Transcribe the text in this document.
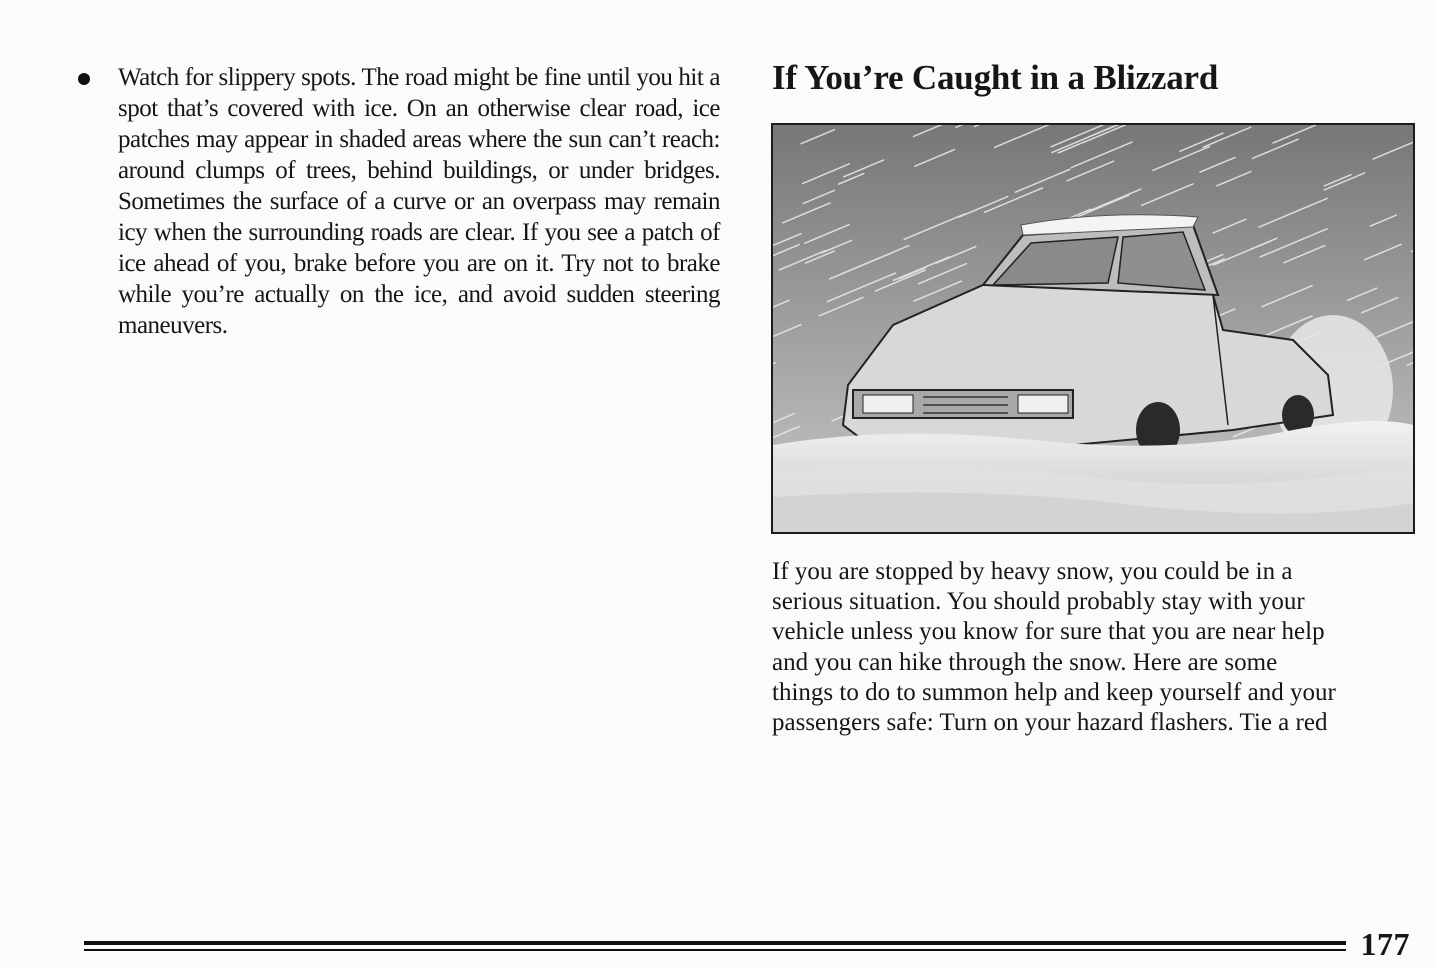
Watch for slippery spots. The road might be fine until you hit a spot that’s covered with ice. On an otherwise clear road, ice patches may appear in shaded areas where the sun can’t reach: around clumps of trees, behind buildings, or under bridges. Sometimes the surface of a curve or an overpass may remain icy when the surrounding roads are clear. If you see a patch of ice ahead of you, brake before you are on it. Try not to brake while you’re actually on the ice, and avoid sudden steering maneuvers.

If You’re Caught in a Blizzard

If you are stopped by heavy snow, you could be in a
serious situation. You should probably stay with your
vehicle unless you know for sure that you are near help
and you can hike through the snow. Here are some
things to do to summon help and keep yourself and your
passengers safe: Turn on your hazard flashers. Tie a red

177
